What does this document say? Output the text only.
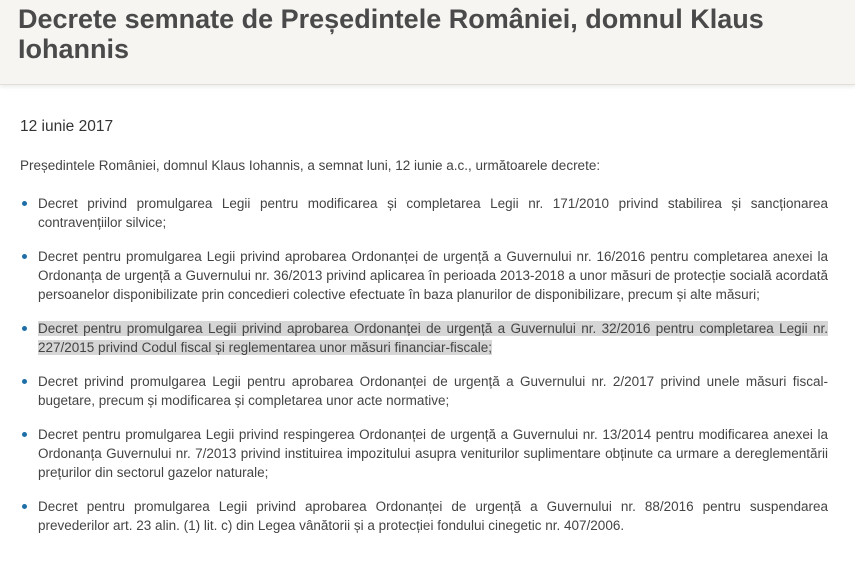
Decrete semnate de Președintele României, domnul Klaus Iohannis

12 iunie 2017

Președintele României, domnul Klaus Iohannis, a semnat luni, 12 iunie a.c., următoarele decrete:

Decret privind promulgarea Legii pentru modificarea și completarea Legii nr. 171/2010 privind stabilirea și sancționarea contravențiilor silvice;
Decret pentru promulgarea Legii privind aprobarea Ordonanței de urgență a Guvernului nr. 16/2016 pentru completarea anexei la Ordonanța de urgență a Guvernului nr. 36/2013 privind aplicarea în perioada 2013-2018 a unor măsuri de protecție socială acordată persoanelor disponibilizate prin concedieri colective efectuate în baza planurilor de disponibilizare, precum și alte măsuri;
Decret pentru promulgarea Legii privind aprobarea Ordonanței de urgență a Guvernului nr. 32/2016 pentru completarea Legii nr. 227/2015 privind Codul fiscal și reglementarea unor măsuri financiar-fiscale;
Decret privind promulgarea Legii pentru aprobarea Ordonanței de urgență a Guvernului nr. 2/2017 privind unele măsuri fiscal-bugetare, precum și modificarea și completarea unor acte normative;
Decret pentru promulgarea Legii privind respingerea Ordonanței de urgență a Guvernului nr. 13/2014 pentru modificarea anexei la Ordonanța Guvernului nr. 7/2013 privind instituirea impozitului asupra veniturilor suplimentare obținute ca urmare a dereglementării prețurilor din sectorul gazelor naturale;
Decret pentru promulgarea Legii privind aprobarea Ordonanței de urgență a Guvernului nr. 88/2016 pentru suspendarea prevederilor art. 23 alin. (1) lit. c) din Legea vânătorii și a protecției fondului cinegetic nr. 407/2006.
